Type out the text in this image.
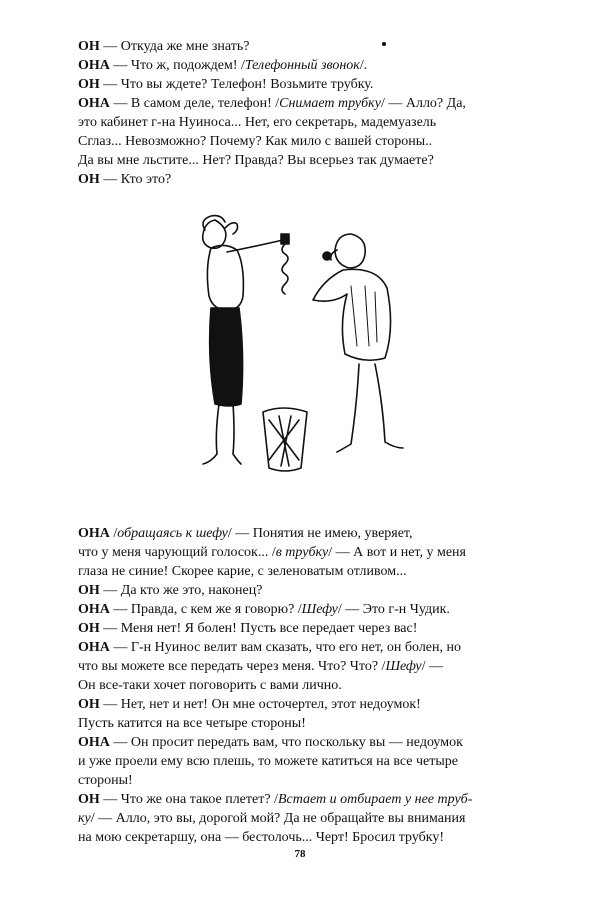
ОН — Откуда же мне знать?
ОНА — Что ж, подождем! /Телефонный звонок/.
ОН — Что вы ждете? Телефон! Возьмите трубку.
ОНА — В самом деле, телефон! /Снимает трубку/ — Алло? Да,
это кабинет г-на Нуиноса... Нет, его секретарь, мадемуазель
Сглаз... Невозможно? Почему? Как мило с вашей стороны..
Да вы мне льстите... Нет? Правда? Вы всерьез так думаете?
ОН — Кто это?
ОНА /обращаясь к шефу/ — Понятия не имею, уверяет,
что у меня чарующий голосок... /в трубку/ — А вот и нет, у меня
глаза не синие! Скорее карие, с зеленоватым отливом...
ОН — Да кто же это, наконец?
ОНА — Правда, с кем же я говорю? /Шефу/ — Это г-н Чудик.
ОН — Меня нет! Я болен! Пусть все передает через вас!
ОНА — Г-н Нуинос велит вам сказать, что его нет, он болен, но
что вы можете все передать через меня. Что? Что? /Шефу/ —
Он все-таки хочет поговорить с вами лично.
ОН — Нет, нет и нет! Он мне осточертел, этот недоумок!
Пусть катится на все четыре стороны!
ОНА — Он просит передать вам, что поскольку вы — недоумок
и уже проели ему всю плешь, то можете катиться на все четыре
стороны!
ОН — Что же она такое плетет? /Встает и отбирает у нее труб-
ку/ — Алло, это вы, дорогой мой? Да не обращайте вы внимания
на мою секретаршу, она — бестолочь... Черт! Бросил трубку!
78
